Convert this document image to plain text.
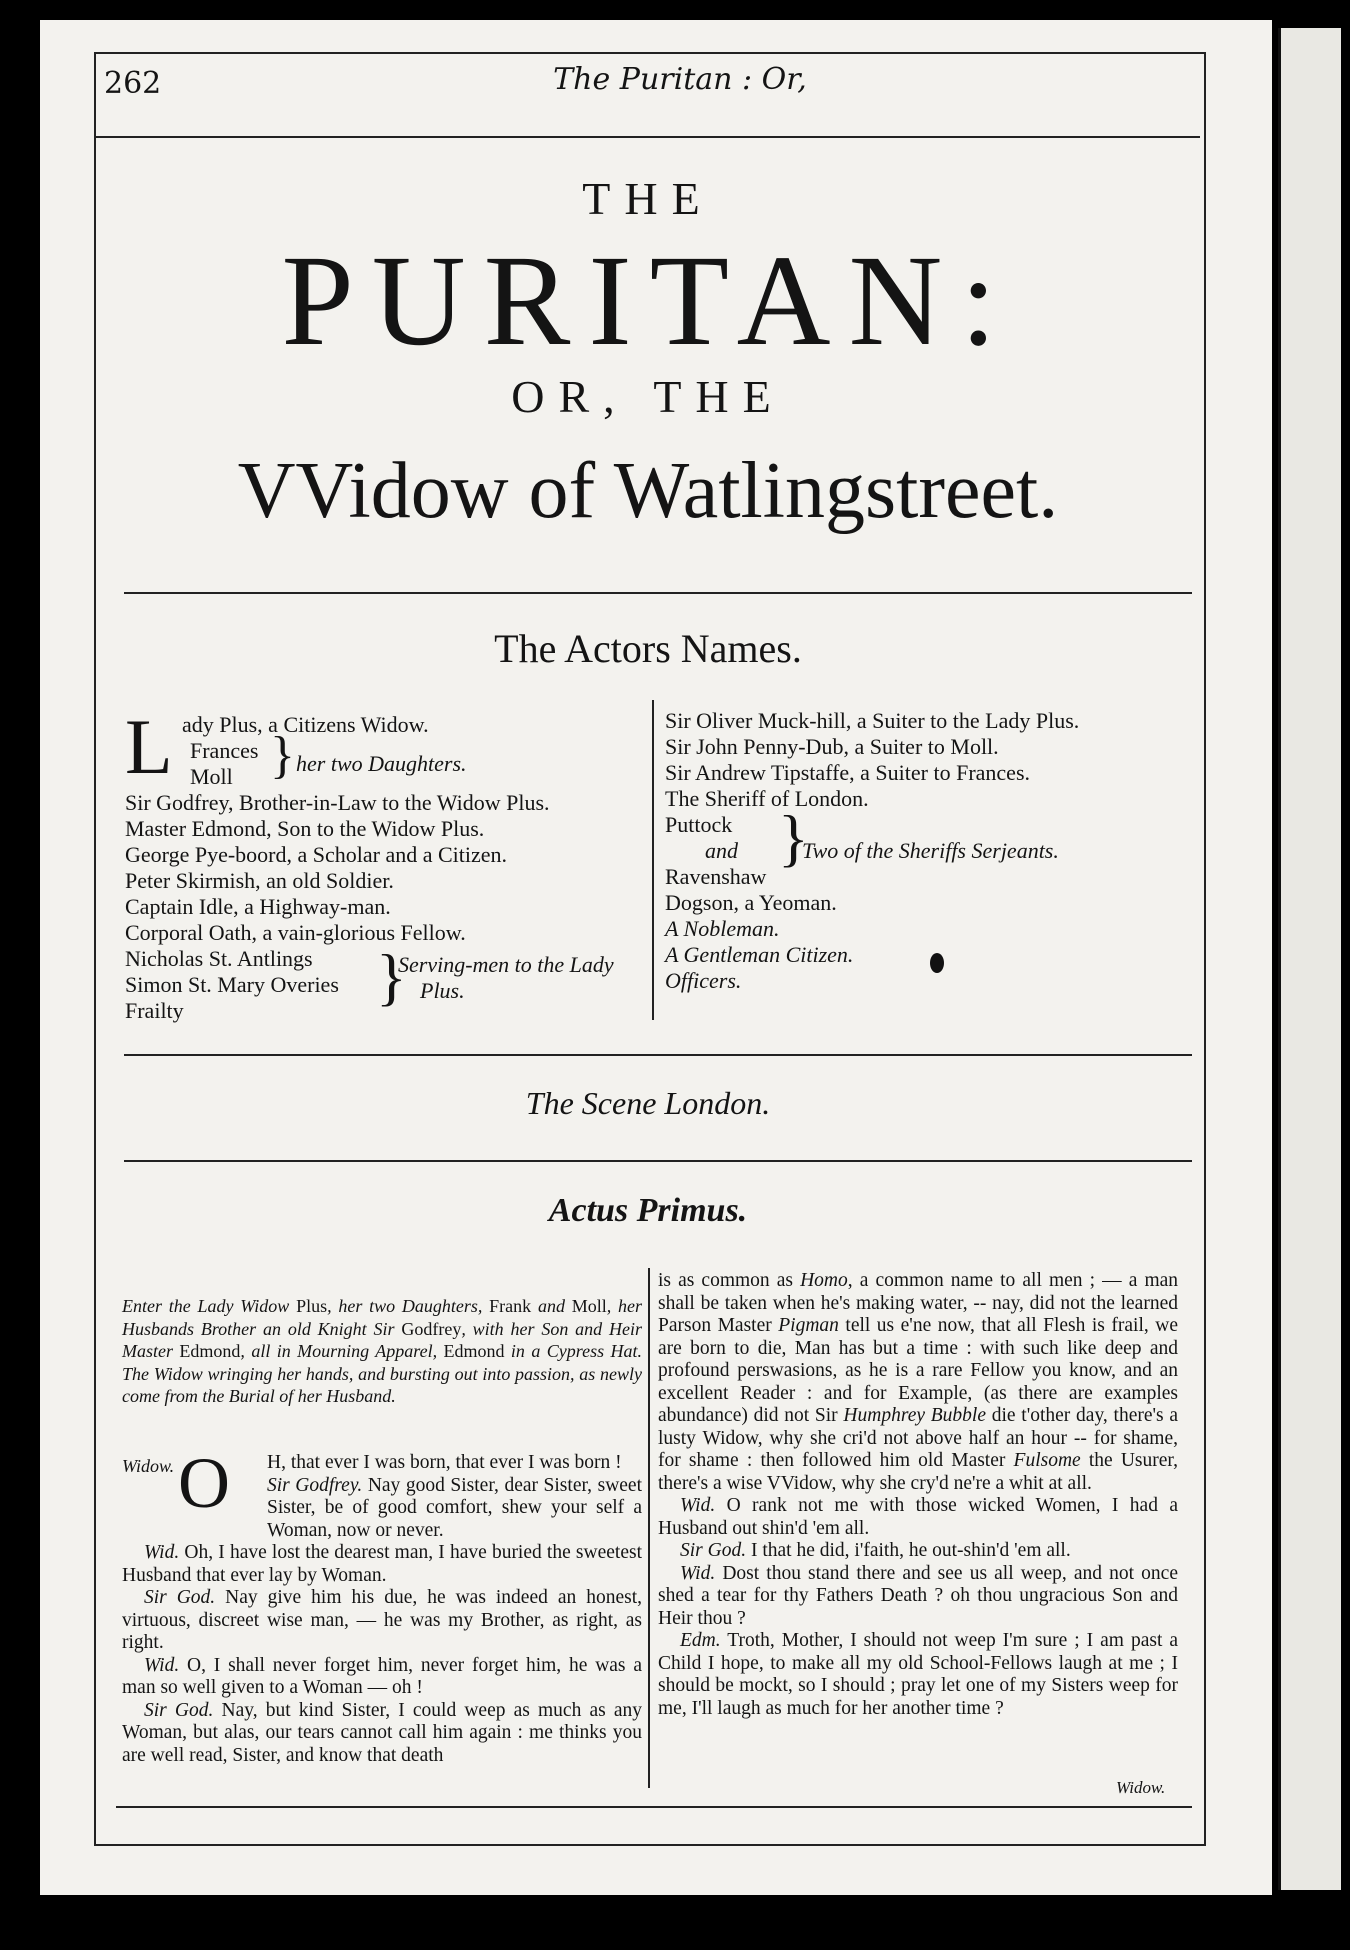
262	The Puritan : Or,
THE
PURITAN:
OR, THE
VVidow of Watlingstreet.
The Actors Names.
L ady Plus, a Citizens Widow.
Frances
Moll } her two Daughters.
Sir Godfrey, Brother-in-Law to the Widow Plus.
Master Edmond, Son to the Widow Plus.
George Pye-boord, a Scholar and a Citizen.
Peter Skirmish, an old Soldier.
Captain Idle, a Highway-man.
Corporal Oath, a vain-glorious Fellow.
Nicholas St. Antlings
Simon St. Mary Overies
Frailty	}
Serving-men to the Lady
Plus.
Sir Oliver Muck-hill, a Suiter to the Lady Plus.
Sir John Penny-Dub, a Suiter to Moll.
Sir Andrew Tipstaffe, a Suiter to Frances.
The Sheriff of London.
Puttock
and
Ravenshaw
}
Two of the Sheriffs Serjeants.
Dogson, a Yeoman.
A Nobleman.
A Gentleman Citizen.
Officers.
The Scene London.
Actus Primus.
Enter the Lady Widow Plus, her two Daughters, Frank and Moll, her Husbands Brother an old Knight Sir Godfrey, with her Son and Heir Master Edmond, all in Mourning Apparel, Edmond in a Cypress Hat. The Widow wringing her hands, and bursting out into passion, as newly come from the Burial of her Husband.
Widow. O	H, that ever I was born, that ever I was born !

Sir Godfrey. Nay good Sister, dear Sister, sweet Sister, be of good comfort, shew your self a Woman, now or never.

Wid. Oh, I have lost the dearest man, I have buried the sweetest Husband that ever lay by Woman.

Sir God. Nay give him his due, he was indeed an honest, virtuous, discreet wise man, — he was my Brother, as right, as right.

Wid. O, I shall never forget him, never forget him, he was a man so well given to a Woman — oh !

Sir God. Nay, but kind Sister, I could weep as much as any Woman, but alas, our tears cannot call him again : me thinks you are well read, Sister, and know that death

is as common as Homo, a common name to all men ; — a man shall be taken when he's making water, -- nay, did not the learned Parson Master Pigman tell us e'ne now, that all Flesh is frail, we are born to die, Man has but a time : with such like deep and profound perswasions, as he is a rare Fellow you know, and an excellent Reader : and for Example, (as there are examples abundance) did not Sir Humphrey Bubble die t'other day, there's a lusty Widow, why she cri'd not above half an hour -- for shame, for shame : then followed him old Master Fulsome the Usurer, there's a wise VVidow, why she cry'd ne're a whit at all.

Wid. O rank not me with those wicked Women, I had a Husband out shin'd 'em all.

Sir God. I that he did, i'faith, he out-shin'd 'em all.

Wid. Dost thou stand there and see us all weep, and not once shed a tear for thy Fathers Death ? oh thou ungracious Son and Heir thou ?

Edm. Troth, Mother, I should not weep I'm sure ; I am past a Child I hope, to make all my old School-Fellows laugh at me ; I should be mockt, so I should ; pray let one of my Sisters weep for me, I'll laugh as much for her another time ?

Widow.
